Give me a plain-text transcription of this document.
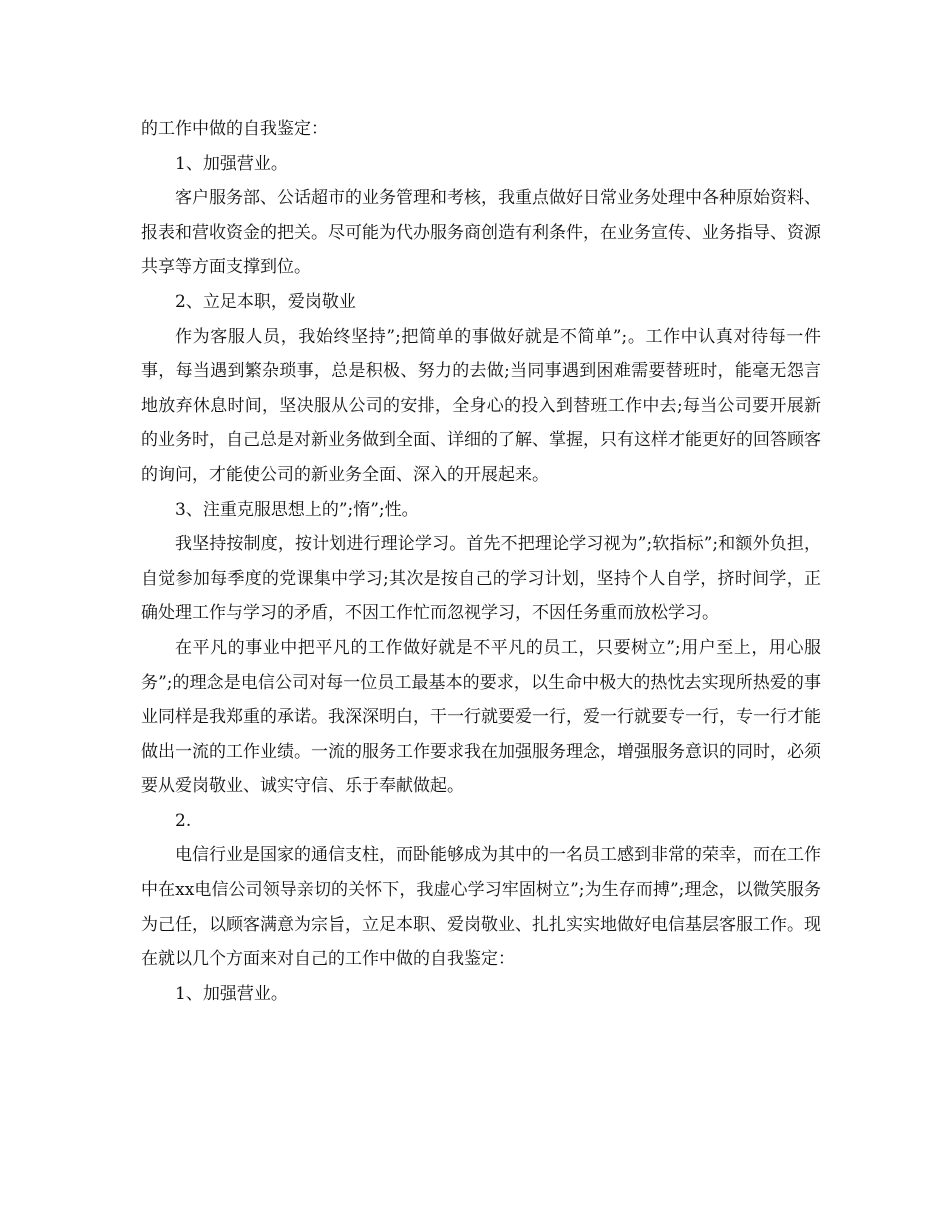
的工作中做的自我鉴定：

1、加强营业。

客户服务部、公话超市的业务管理和考核，我重点做好日常业务处理中各种原始资料、报表和营收资金的把关。尽可能为代办服务商创造有利条件，在业务宣传、业务指导、资源共享等方面支撑到位。

2、立足本职，爱岗敬业

作为客服人员，我始终坚持”;把简单的事做好就是不简单”;。工作中认真对待每一件事，每当遇到繁杂琐事，总是积极、努力的去做;当同事遇到困难需要替班时，能毫无怨言地放弃休息时间，坚决服从公司的安排，全身心的投入到替班工作中去;每当公司要开展新的业务时，自己总是对新业务做到全面、详细的了解、掌握，只有这样才能更好的回答顾客的询问，才能使公司的新业务全面、深入的开展起来。

3、注重克服思想上的”;惰”;性。

我坚持按制度，按计划进行理论学习。首先不把理论学习视为”;软指标”;和额外负担，自觉参加每季度的党课集中学习;其次是按自己的学习计划，坚持个人自学，挤时间学，正确处理工作与学习的矛盾，不因工作忙而忽视学习，不因任务重而放松学习。

在平凡的事业中把平凡的工作做好就是不平凡的员工，只要树立”;用户至上，用心服务”;的理念是电信公司对每一位员工最基本的要求，以生命中极大的热忱去实现所热爱的事业同样是我郑重的承诺。我深深明白，干一行就要爱一行，爱一行就要专一行，专一行才能做出一流的工作业绩。一流的服务工作要求我在加强服务理念，增强服务意识的同时，必须要从爱岗敬业、诚实守信、乐于奉献做起。

2.

电信行业是国家的通信支柱，而卧能够成为其中的一名员工感到非常的荣幸，而在工作中在xx电信公司领导亲切的关怀下，我虚心学习牢固树立”;为生存而搏”;理念，以微笑服务为己任，以顾客满意为宗旨，立足本职、爱岗敬业、扎扎实实地做好电信基层客服工作。现在就以几个方面来对自己的工作中做的自我鉴定：

1、加强营业。
